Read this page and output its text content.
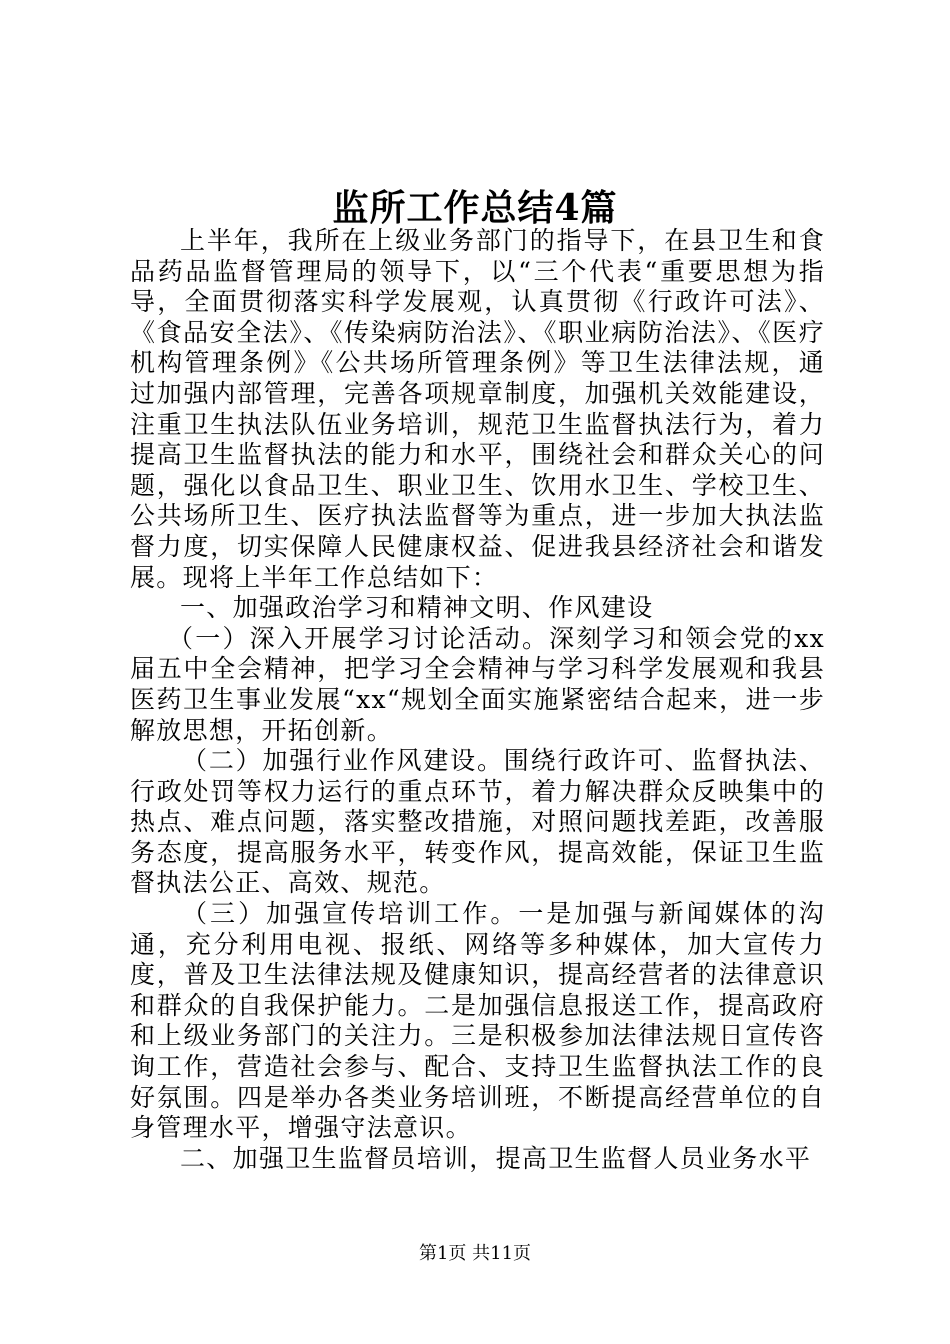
监所工作总结4篇

上半年，我所在上级业务部门的指导下，在县卫生和食品药品监督管理局的领导下，以“三个代表“重要思想为指导，全面贯彻落实科学发展观，认真贯彻《行政许可法》、《食品安全法》、《传染病防治法》、《职业病防治法》、《医疗机构管理条例》《公共场所管理条例》等卫生法律法规，通过加强内部管理，完善各项规章制度，加强机关效能建设，注重卫生执法队伍业务培训，规范卫生监督执法行为，着力提高卫生监督执法的能力和水平，围绕社会和群众关心的问题，强化以食品卫生、职业卫生、饮用水卫生、学校卫生、公共场所卫生、医疗执法监督等为重点，进一步加大执法监督力度，切实保障人民健康权益、促进我县经济社会和谐发展。现将上半年工作总结如下：

一、加强政治学习和精神文明、作风建设

（一）深入开展学习讨论活动。深刻学习和领会党的xx届五中全会精神，把学习全会精神与学习科学发展观和我县医药卫生事业发展“xx“规划全面实施紧密结合起来，进一步解放思想，开拓创新。

（二）加强行业作风建设。围绕行政许可、监督执法、行政处罚等权力运行的重点环节，着力解决群众反映集中的热点、难点问题，落实整改措施，对照问题找差距，改善服务态度，提高服务水平，转变作风，提高效能，保证卫生监督执法公正、高效、规范。

（三）加强宣传培训工作。一是加强与新闻媒体的沟通，充分利用电视、报纸、网络等多种媒体，加大宣传力度，普及卫生法律法规及健康知识，提高经营者的法律意识和群众的自我保护能力。二是加强信息报送工作，提高政府和上级业务部门的关注力。三是积极参加法律法规日宣传咨询工作，营造社会参与、配合、支持卫生监督执法工作的良好氛围。四是举办各类业务培训班，不断提高经营单位的自身管理水平，增强守法意识。

二、加强卫生监督员培训，提高卫生监督人员业务水平

第1页 共11页
